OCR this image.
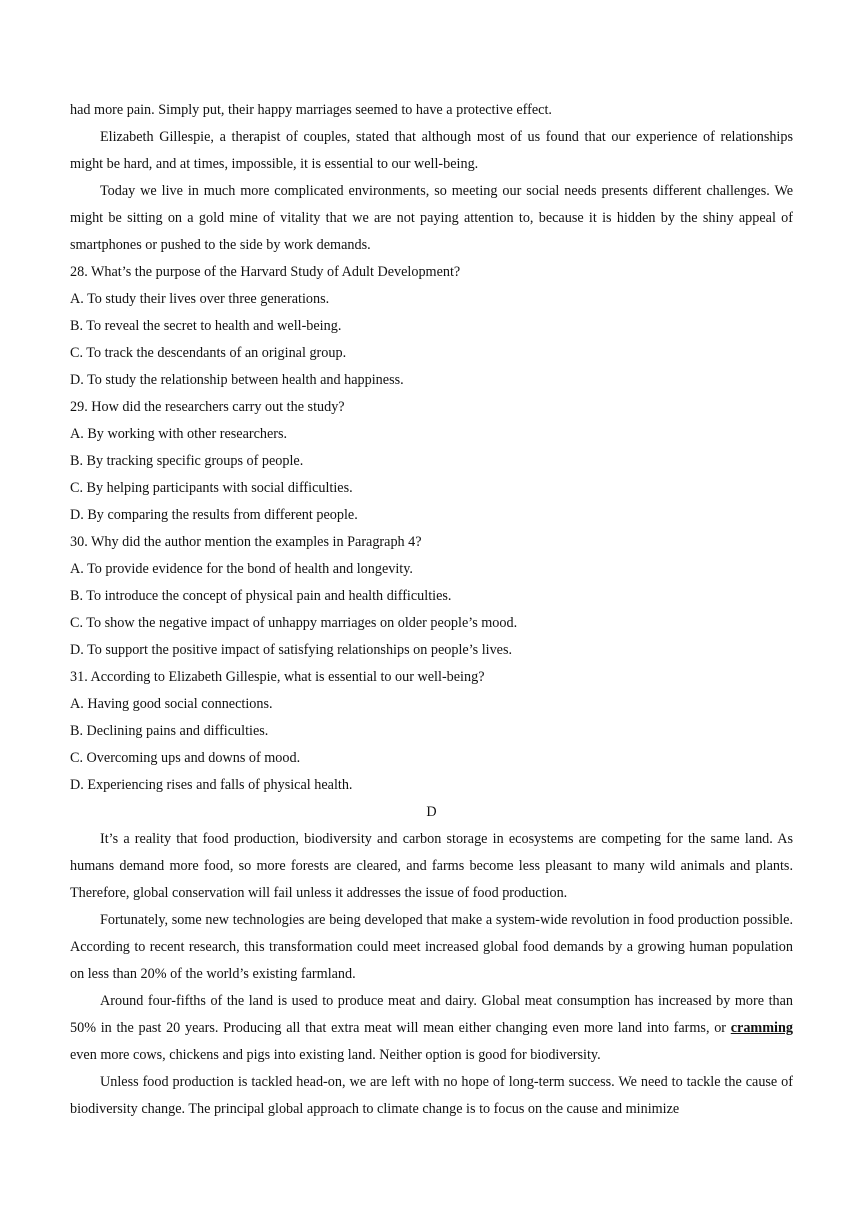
had more pain. Simply put, their happy marriages seemed to have a protective effect.

Elizabeth Gillespie, a therapist of couples, stated that although most of us found that our experience of relationships might be hard, and at times, impossible, it is essential to our well-being.

Today we live in much more complicated environments, so meeting our social needs presents different challenges. We might be sitting on a gold mine of vitality that we are not paying attention to, because it is hidden by the shiny appeal of smartphones or pushed to the side by work demands.

28. What’s the purpose of the Harvard Study of Adult Development?
A. To study their lives over three generations.
B. To reveal the secret to health and well-being.
C. To track the descendants of an original group.
D. To study the relationship between health and happiness.
29. How did the researchers carry out the study?
A. By working with other researchers.
B. By tracking specific groups of people.
C. By helping participants with social difficulties.
D. By comparing the results from different people.
30. Why did the author mention the examples in Paragraph 4?
A. To provide evidence for the bond of health and longevity.
B. To introduce the concept of physical pain and health difficulties.
C. To show the negative impact of unhappy marriages on older people’s mood.
D. To support the positive impact of satisfying relationships on people’s lives.
31. According to Elizabeth Gillespie, what is essential to our well-being?
A. Having good social connections.
B. Declining pains and difficulties.
C. Overcoming ups and downs of mood.
D. Experiencing rises and falls of physical health.
D

It’s a reality that food production, biodiversity and carbon storage in ecosystems are competing for the same land. As humans demand more food, so more forests are cleared, and farms become less pleasant to many wild animals and plants. Therefore, global conservation will fail unless it addresses the issue of food production.

Fortunately, some new technologies are being developed that make a system-wide revolution in food production possible. According to recent research, this transformation could meet increased global food demands by a growing human population on less than 20% of the world’s existing farmland.

Around four-fifths of the land is used to produce meat and dairy. Global meat consumption has increased by more than 50% in the past 20 years. Producing all that extra meat will mean either changing even more land into farms, or cramming even more cows, chickens and pigs into existing land. Neither option is good for biodiversity.

Unless food production is tackled head-on, we are left with no hope of long-term success. We need to tackle the cause of biodiversity change. The principal global approach to climate change is to focus on the cause and minimize
